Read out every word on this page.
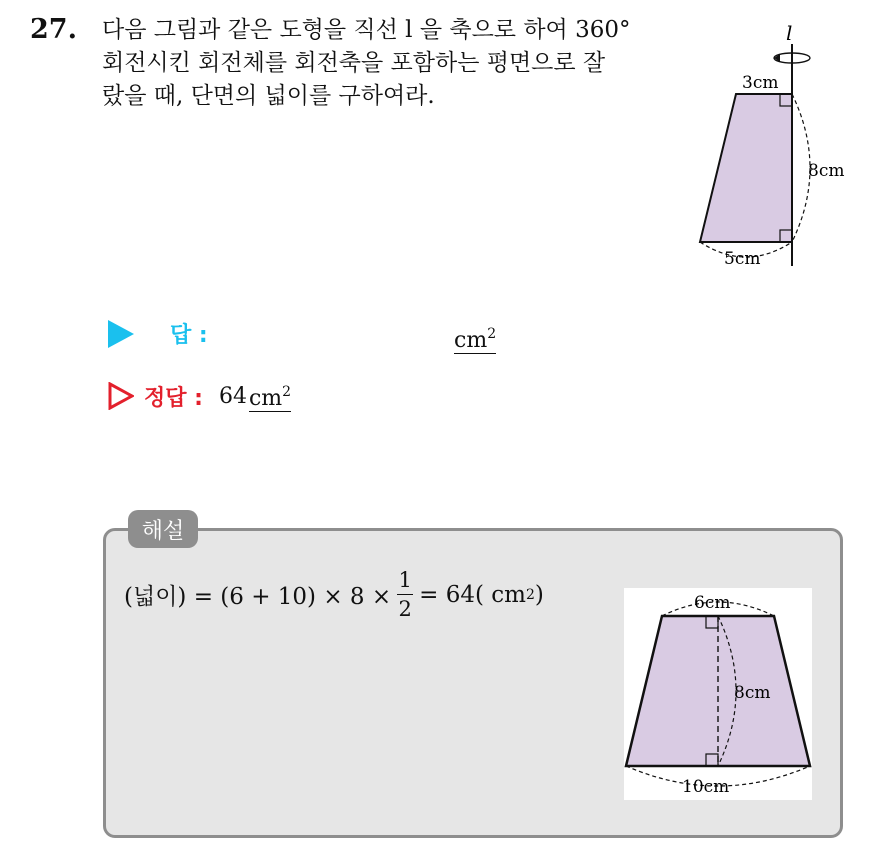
27. 다음 그림과 같은 도형을 직선 l 을 축으로 하여 360°
회전시킨 회전체를 회전축을 포함하는 평면으로 잘
랐을 때, 단면의 넓이를 구하여라.
l
3cm
8cm
5cm
답 :	$cm^2$
정답 : 64 $cm^2$
해설
(넓이) = $(6 + 10) \times 8 \times \frac{1}{2} = 64$( cm 2 )	6cm
8cm
10cm
